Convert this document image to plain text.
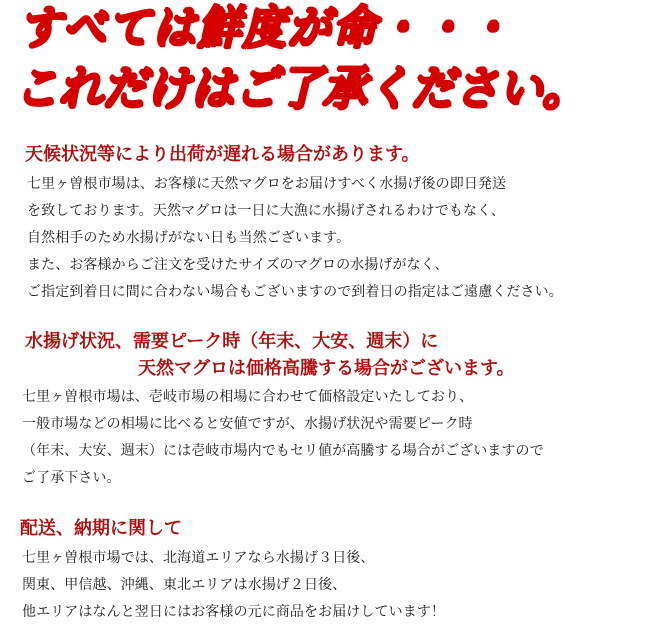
すべては鮮度が命・・・
これだけはご了承ください。
天候状況等により出荷が遅れる場合があります。

七里ヶ曽根市場は、お客様に天然マグロをお届けすべく水揚げ後の即日発送

を致しております。天然マグロは一日に大漁に水揚げされるわけでもなく、

自然相手のため水揚げがない日も当然ございます。

また、お客様からご注文を受けたサイズのマグロの水揚げがなく、

ご指定到着日に間に合わない場合もございますので到着日の指定はご遠慮ください。

水揚げ状況、需要ピーク時（年末、大安、週末）に
天然マグロは価格高騰する場合がございます。

七里ヶ曽根市場は、壱岐市場の相場に合わせて価格設定いたしており、

一般市場などの相場に比べると安値ですが、水揚げ状況や需要ピーク時

（年末、大安、週末）には壱岐市場内でもセリ値が高騰する場合がございますので

ご了承下さい。

配送、納期に関して

七里ヶ曽根市場では、北海道エリアなら水揚げ３日後、

関東、甲信越、沖縄、東北エリアは水揚げ２日後、

他エリアはなんと翌日にはお客様の元に商品をお届けしています！
